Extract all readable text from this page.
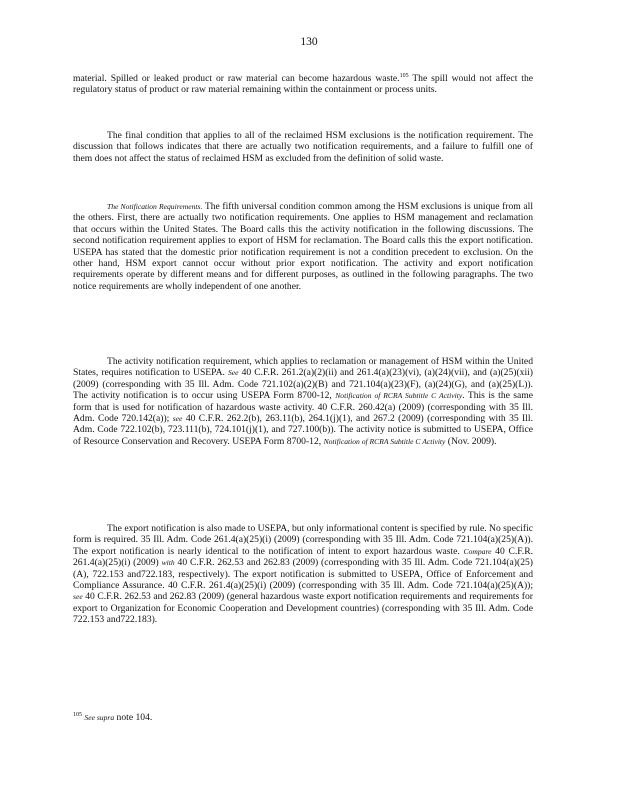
130

material. Spilled or leaked product or raw material can become hazardous waste.$^{105}$ The spill would not affect the regulatory status of product or raw material remaining within the containment or process units.

The final condition that applies to all of the reclaimed HSM exclusions is the notification requirement. The discussion that follows indicates that there are actually two notification requirements, and a failure to fulfill one of them does not affect the status of reclaimed HSM as excluded from the definition of solid waste.

The Notification Requirements. The fifth universal condition common among the HSM exclusions is unique from all the others. First, there are actually two notification requirements. One applies to HSM management and reclamation that occurs within the United States. The Board calls this the activity notification in the following discussions. The second notification requirement applies to export of HSM for reclamation. The Board calls this the export notification. USEPA has stated that the domestic prior notification requirement is not a condition precedent to exclusion. On the other hand, HSM export cannot occur without prior export notification. The activity and export notification requirements operate by different means and for different purposes, as outlined in the following paragraphs. The two notice requirements are wholly independent of one another.

The activity notification requirement, which applies to reclamation or management of HSM within the United States, requires notification to USEPA. See 40 C.F.R. 261.2(a)(2)(ii) and 261.4(a)(23)(vi), (a)(24)(vii), and (a)(25)(xii) (2009) (corresponding with 35 Ill. Adm. Code 721.102(a)(2)(B) and 721.104(a)(23)(F), (a)(24)(G), and (a)(25)(L)). The activity notification is to occur using USEPA Form 8700-12, Notification of RCRA Subtitle C Activity. This is the same form that is used for notification of hazardous waste activity. 40 C.F.R. 260.42(a) (2009) (corresponding with 35 Ill. Adm. Code 720.142(a)); see 40 C.F.R. 262.2(b), 263.11(b), 264.1(j)(1), and 267.2 (2009) (corresponding with 35 Ill. Adm. Code 722.102(b), 723.111(b), 724.101(j)(1), and 727.100(b)). The activity notice is submitted to USEPA, Office of Resource Conservation and Recovery. USEPA Form 8700-12, Notification of RCRA Subtitle C Activity (Nov. 2009).

The export notification is also made to USEPA, but only informational content is specified by rule. No specific form is required. 35 Ill. Adm. Code 261.4(a)(25)(i) (2009) (corresponding with 35 Ill. Adm. Code 721.104(a)(25)(A)). The export notification is nearly identical to the notification of intent to export hazardous waste. Compare 40 C.F.R. 261.4(a)(25)(i) (2009) with 40 C.F.R. 262.53 and 262.83 (2009) (corresponding with 35 Ill. Adm. Code 721.104(a)(25)(A), 722.153 and722.183, respectively). The export notification is submitted to USEPA, Office of Enforcement and Compliance Assurance. 40 C.F.R. 261.4(a)(25)(i) (2009) (corresponding with 35 Ill. Adm. Code 721.104(a)(25)(A)); see 40 C.F.R. 262.53 and 262.83 (2009) (general hazardous waste export notification requirements and requirements for export to Organization for Economic Cooperation and Development countries) (corresponding with 35 Ill. Adm. Code 722.153 and722.183).

$^{105}$ See supra note 104.
